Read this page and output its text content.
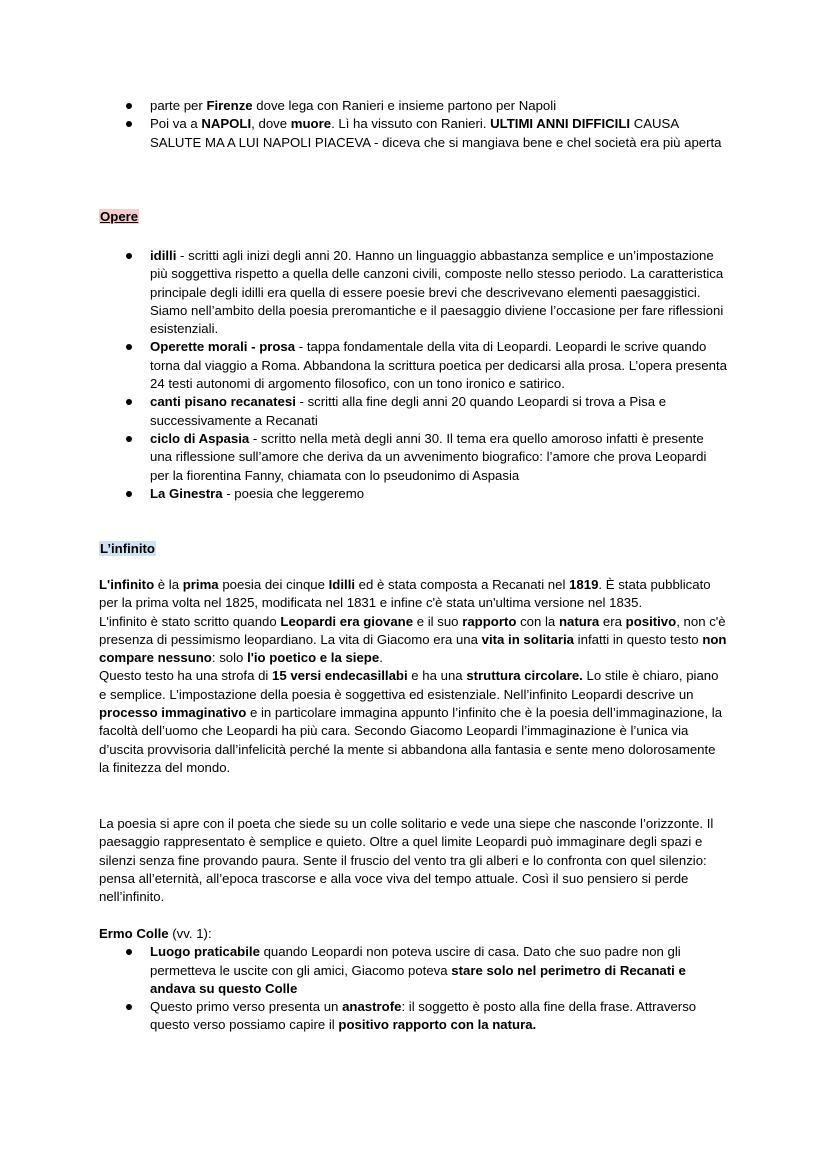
parte per Firenze dove lega con Ranieri e insieme partono per Napoli
Poi va a NAPOLI, dove muore. Lì ha vissuto con Ranieri. ULTIMI ANNI DIFFICILI CAUSA SALUTE MA A LUI NAPOLI PIACEVA - diceva che si mangiava bene e chel società era più aperta
Opere
idilli - scritti agli inizi degli anni 20. Hanno un linguaggio abbastanza semplice e un’impostazione più soggettiva rispetto a quella delle canzoni civili, composte nello stesso periodo. La caratteristica principale degli idilli era quella di essere poesie brevi che descrivevano elementi paesaggistici. Siamo nell’ambito della poesia preromantiche e il paesaggio diviene l’occasione per fare riflessioni esistenziali.
Operette morali - prosa - tappa fondamentale della vita di Leopardi. Leopardi le scrive quando torna dal viaggio a Roma. Abbandona la scrittura poetica per dedicarsi alla prosa. L’opera presenta 24 testi autonomi di argomento filosofico, con un tono ironico e satirico.
canti pisano recanatesi - scritti alla fine degli anni 20 quando Leopardi si trova a Pisa e successivamente a Recanati
ciclo di Aspasia - scritto nella metà degli anni 30. Il tema era quello amoroso infatti è presente una riflessione sull’amore che deriva da un avvenimento biografico: l’amore che prova Leopardi per la fiorentina Fanny, chiamata con lo pseudonimo di Aspasia
La Ginestra - poesia che leggeremo
L’infinito

L'infinito è la prima poesia dei cinque Idilli ed è stata composta a Recanati nel 1819. È stata pubblicato per la prima volta nel 1825, modificata nel 1831 e infine c'è stata un'ultima versione nel 1835.

L'infinito è stato scritto quando Leopardi era giovane e il suo rapporto con la natura era positivo, non c'è presenza di pessimismo leopardiano. La vita di Giacomo era una vita in solitaria infatti in questo testo non compare nessuno: solo l'io poetico e la siepe.

Questo testo ha una strofa di 15 versi endecasillabi e ha una struttura circolare. Lo stile è chiaro, piano e semplice. L’impostazione della poesia è soggettiva ed esistenziale. Nell’infinito Leopardi descrive un processo immaginativo e in particolare immagina appunto l’infinito che è la poesia dell’immaginazione, la facoltà dell’uomo che Leopardi ha più cara. Secondo Giacomo Leopardi l’immaginazione è l’unica via d’uscita provvisoria dall’infelicità perché la mente si abbandona alla fantasia e sente meno dolorosamente la finitezza del mondo.

La poesia si apre con il poeta che siede su un colle solitario e vede una siepe che nasconde l’orizzonte. Il paesaggio rappresentato è semplice e quieto. Oltre a quel limite Leopardi può immaginare degli spazi e silenzi senza fine provando paura. Sente il fruscio del vento tra gli alberi e lo confronta con quel silenzio: pensa all’eternità, all’epoca trascorse e alla voce viva del tempo attuale. Così il suo pensiero si perde nell’infinito.

Ermo Colle (vv. 1):

Luogo praticabile quando Leopardi non poteva uscire di casa. Dato che suo padre non gli permetteva le uscite con gli amici, Giacomo poteva stare solo nel perimetro di Recanati e andava su questo Colle
Questo primo verso presenta un anastrofe: il soggetto è posto alla fine della frase. Attraverso questo verso possiamo capire il positivo rapporto con la natura.
